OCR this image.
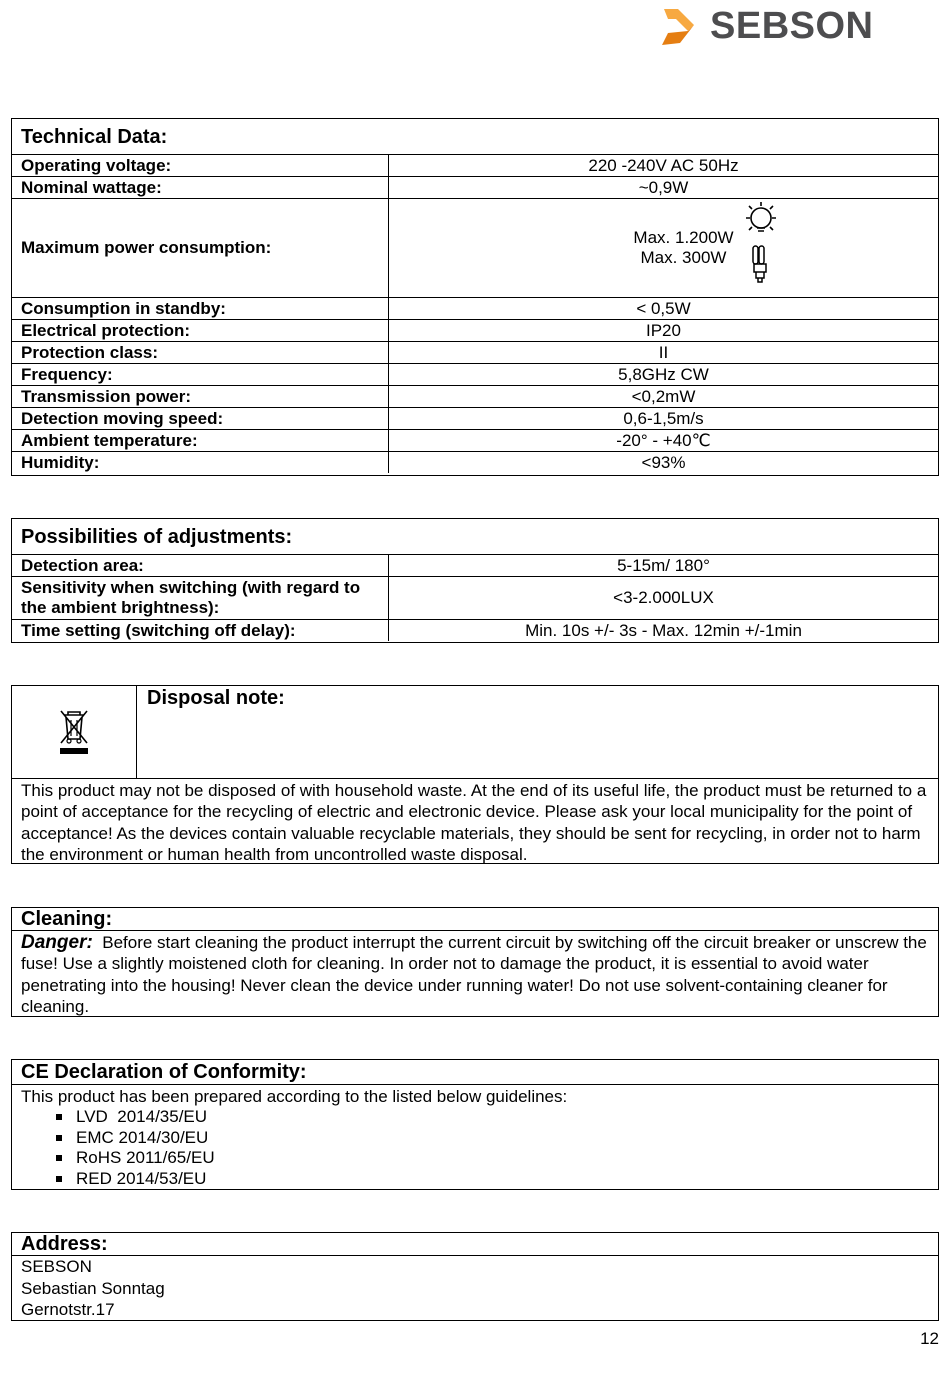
SEBSON
Technical Data:
Operating voltage:	220 -240V AC 50Hz
Nominal wattage:	~0,9W
Maximum power consumption:	Max. 1.200W
Max. 300W

Consumption in standby:	< 0,5W
Electrical protection:	IP20
Protection class:	II
Frequency:	5,8GHz CW
Transmission power:	<0,2mW
Detection moving speed:	0,6-1,5m/s
Ambient temperature:	-20° - +40℃
Humidity:	<93%
Possibilities of adjustments:
Detection area:	5-15m/ 180°
Sensitivity when switching (with regard to the ambient brightness):	<3-2.000LUX
Time setting (switching off delay):	Min. 10s +/- 3s - Max. 12min +/-1min
Disposal note:
This product may not be disposed of with household waste. At the end of its useful life, the product must be returned to a point of acceptance for the recycling of electric and electronic device. Please ask your local municipality for the point of acceptance! As the devices contain valuable recyclable materials, they should be sent for recycling, in order not to harm the environment or human health from uncontrolled waste disposal.
Cleaning:
Danger: Before start cleaning the product interrupt the current circuit by switching off the circuit breaker or unscrew the fuse! Use a slightly moistened cloth for cleaning. In order not to damage the product, it is essential to avoid water penetrating into the housing! Never clean the device under running water! Do not use solvent-containing cleaner for cleaning.
CE Declaration of Conformity:
This product has been prepared according to the listed below guidelines:
LVD  2014/35/EU
EMC 2014/30/EU
RoHS 2011/65/EU
RED 2014/53/EU
Address:
SEBSON
Sebastian Sonntag
Gernotstr.17
12
